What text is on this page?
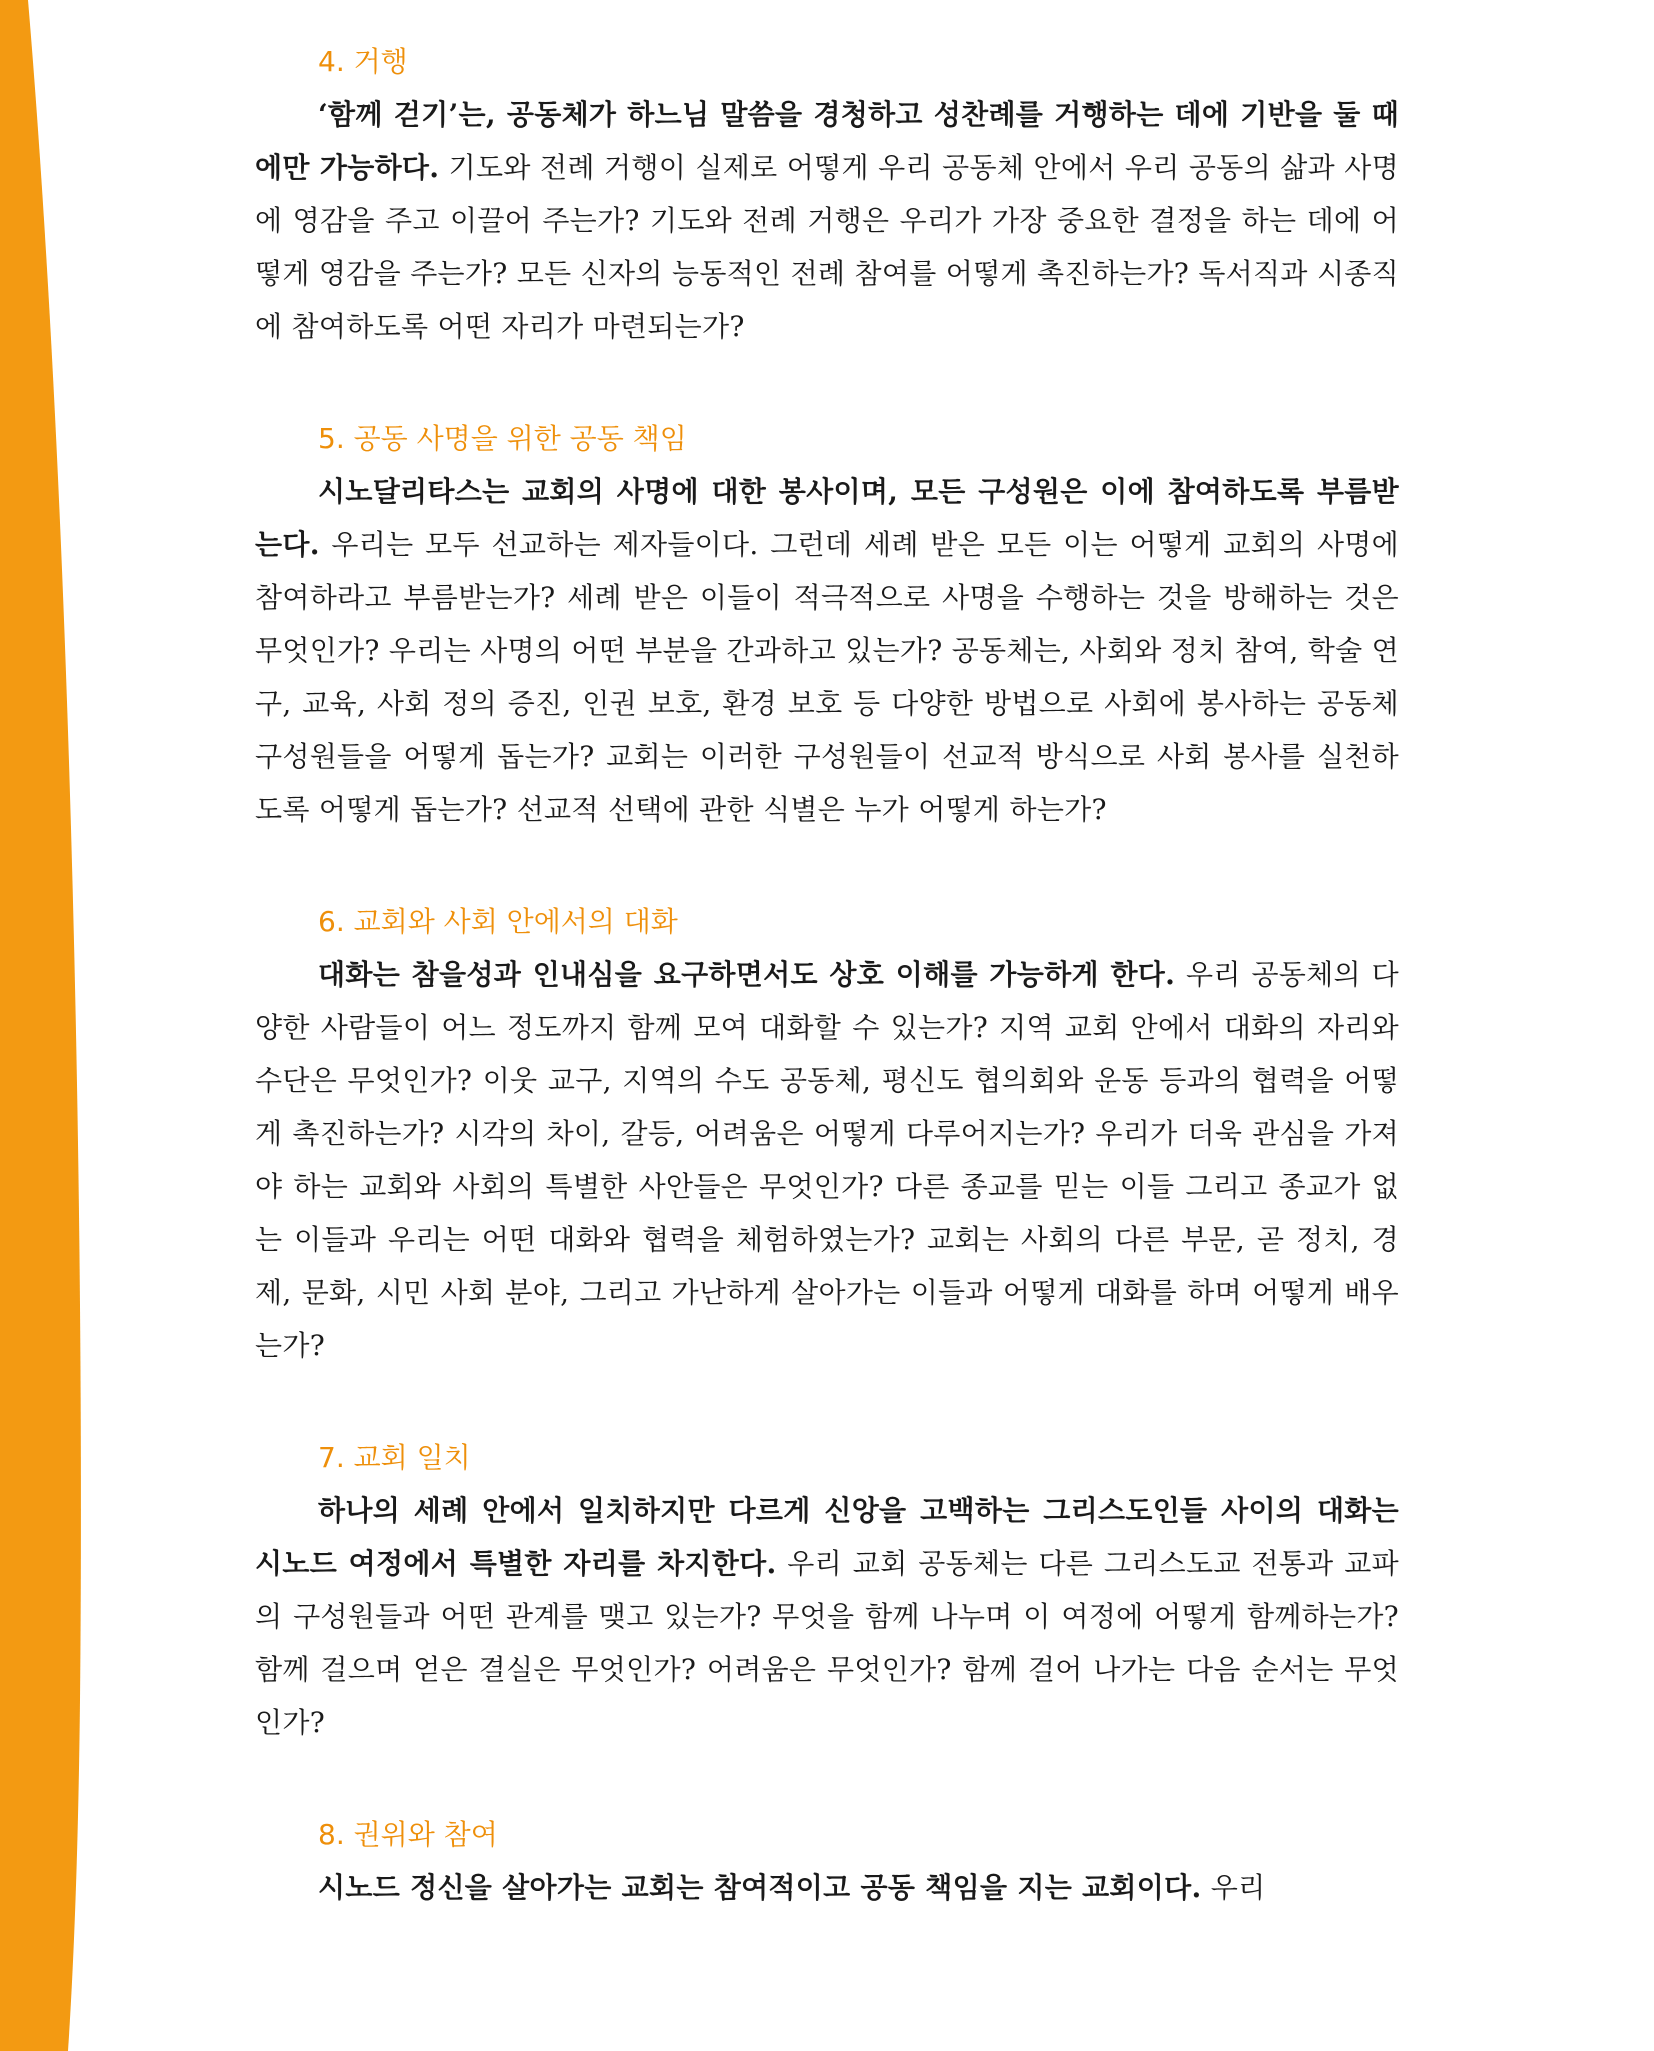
4. 거행

‘함께 걷기’는, 공동체가 하느님 말씀을 경청하고 성찬례를 거행하는 데에 기반을 둘 때에만 가능하다. 기도와 전례 거행이 실제로 어떻게 우리 공동체 안에서 우리 공동의 삶과 사명에 영감을 주고 이끌어 주는가? 기도와 전례 거행은 우리가 가장 중요한 결정을 하는 데에 어떻게 영감을 주는가? 모든 신자의 능동적인 전례 참여를 어떻게 촉진하는가? 독서직과 시종직에 참여하도록 어떤 자리가 마련되는가?

5. 공동 사명을 위한 공동 책임

시노달리타스는 교회의 사명에 대한 봉사이며, 모든 구성원은 이에 참여하도록 부름받는다. 우리는 모두 선교하는 제자들이다. 그런데 세례 받은 모든 이는 어떻게 교회의 사명에 참여하라고 부름받는가? 세례 받은 이들이 적극적으로 사명을 수행하는 것을 방해하는 것은 무엇인가? 우리는 사명의 어떤 부분을 간과하고 있는가? 공동체는, 사회와 정치 참여, 학술 연구, 교육, 사회 정의 증진, 인권 보호, 환경 보호 등 다양한 방법으로 사회에 봉사하는 공동체 구성원들을 어떻게 돕는가? 교회는 이러한 구성원들이 선교적 방식으로 사회 봉사를 실천하도록 어떻게 돕는가? 선교적 선택에 관한 식별은 누가 어떻게 하는가?

6. 교회와 사회 안에서의 대화

대화는 참을성과 인내심을 요구하면서도 상호 이해를 가능하게 한다. 우리 공동체의 다양한 사람들이 어느 정도까지 함께 모여 대화할 수 있는가? 지역 교회 안에서 대화의 자리와 수단은 무엇인가? 이웃 교구, 지역의 수도 공동체, 평신도 협의회와 운동 등과의 협력을 어떻게 촉진하는가? 시각의 차이, 갈등, 어려움은 어떻게 다루어지는가? 우리가 더욱 관심을 가져야 하는 교회와 사회의 특별한 사안들은 무엇인가? 다른 종교를 믿는 이들 그리고 종교가 없는 이들과 우리는 어떤 대화와 협력을 체험하였는가? 교회는 사회의 다른 부문, 곧 정치, 경제, 문화, 시민 사회 분야, 그리고 가난하게 살아가는 이들과 어떻게 대화를 하며 어떻게 배우는가?

7. 교회 일치

하나의 세례 안에서 일치하지만 다르게 신앙을 고백하는 그리스도인들 사이의 대화는 시노드 여정에서 특별한 자리를 차지한다. 우리 교회 공동체는 다른 그리스도교 전통과 교파의 구성원들과 어떤 관계를 맺고 있는가? 무엇을 함께 나누며 이 여정에 어떻게 함께하는가? 함께 걸으며 얻은 결실은 무엇인가? 어려움은 무엇인가? 함께 걸어 나가는 다음 순서는 무엇인가?

8. 권위와 참여

시노드 정신을 살아가는 교회는 참여적이고 공동 책임을 지는 교회이다. 우리
